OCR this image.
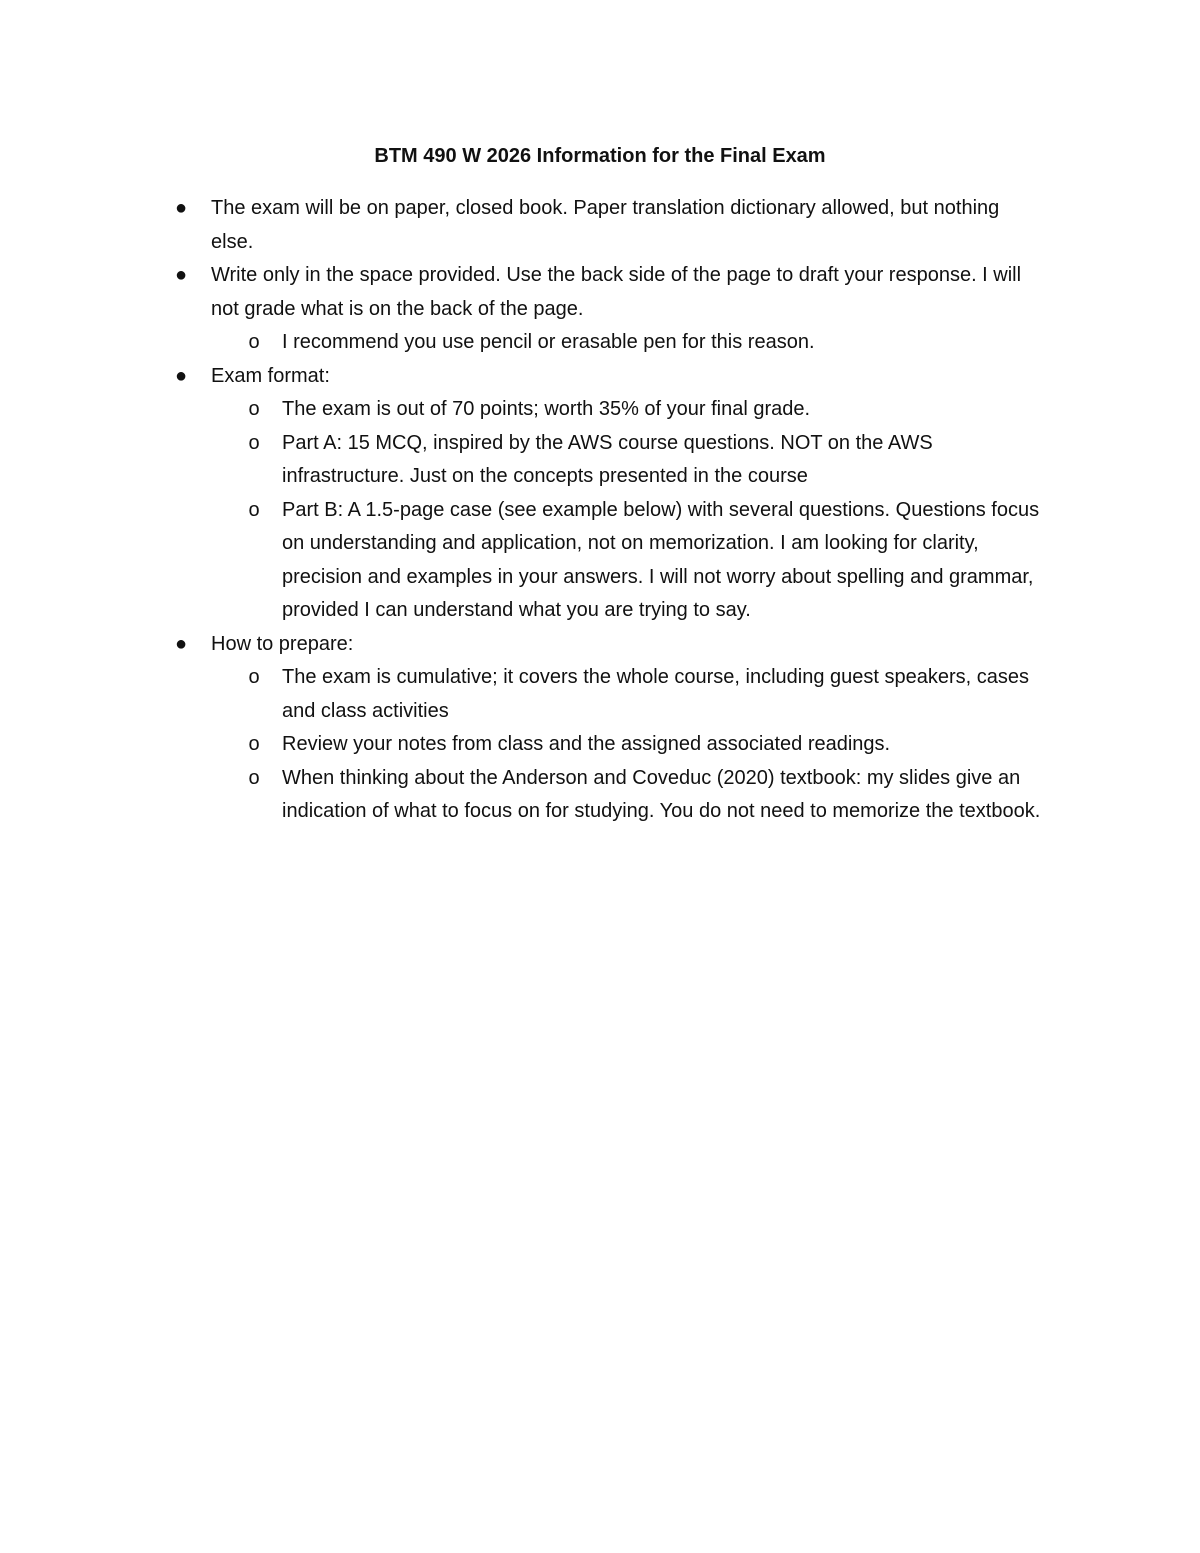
BTM 490 W 2026 Information for the Final Exam
● The exam will be on paper, closed book. Paper translation dictionary allowed, but nothing else.
● Write only in the space provided. Use the back side of the page to draft your response. I will not grade what is on the back of the page.
o I recommend you use pencil or erasable pen for this reason.
● Exam format:
o The exam is out of 70 points; worth 35% of your final grade.
o Part A: 15 MCQ, inspired by the AWS course questions. NOT on the AWS infrastructure. Just on the concepts presented in the course
o Part B: A 1.5-page case (see example below) with several questions. Questions focus on understanding and application, not on memorization. I am looking for clarity, precision and examples in your answers. I will not worry about spelling and grammar, provided I can understand what you are trying to say.
● How to prepare:
o The exam is cumulative; it covers the whole course, including guest speakers, cases and class activities
o Review your notes from class and the assigned associated readings.
o When thinking about the Anderson and Coveduc (2020) textbook: my slides give an indication of what to focus on for studying. You do not need to memorize the textbook.
